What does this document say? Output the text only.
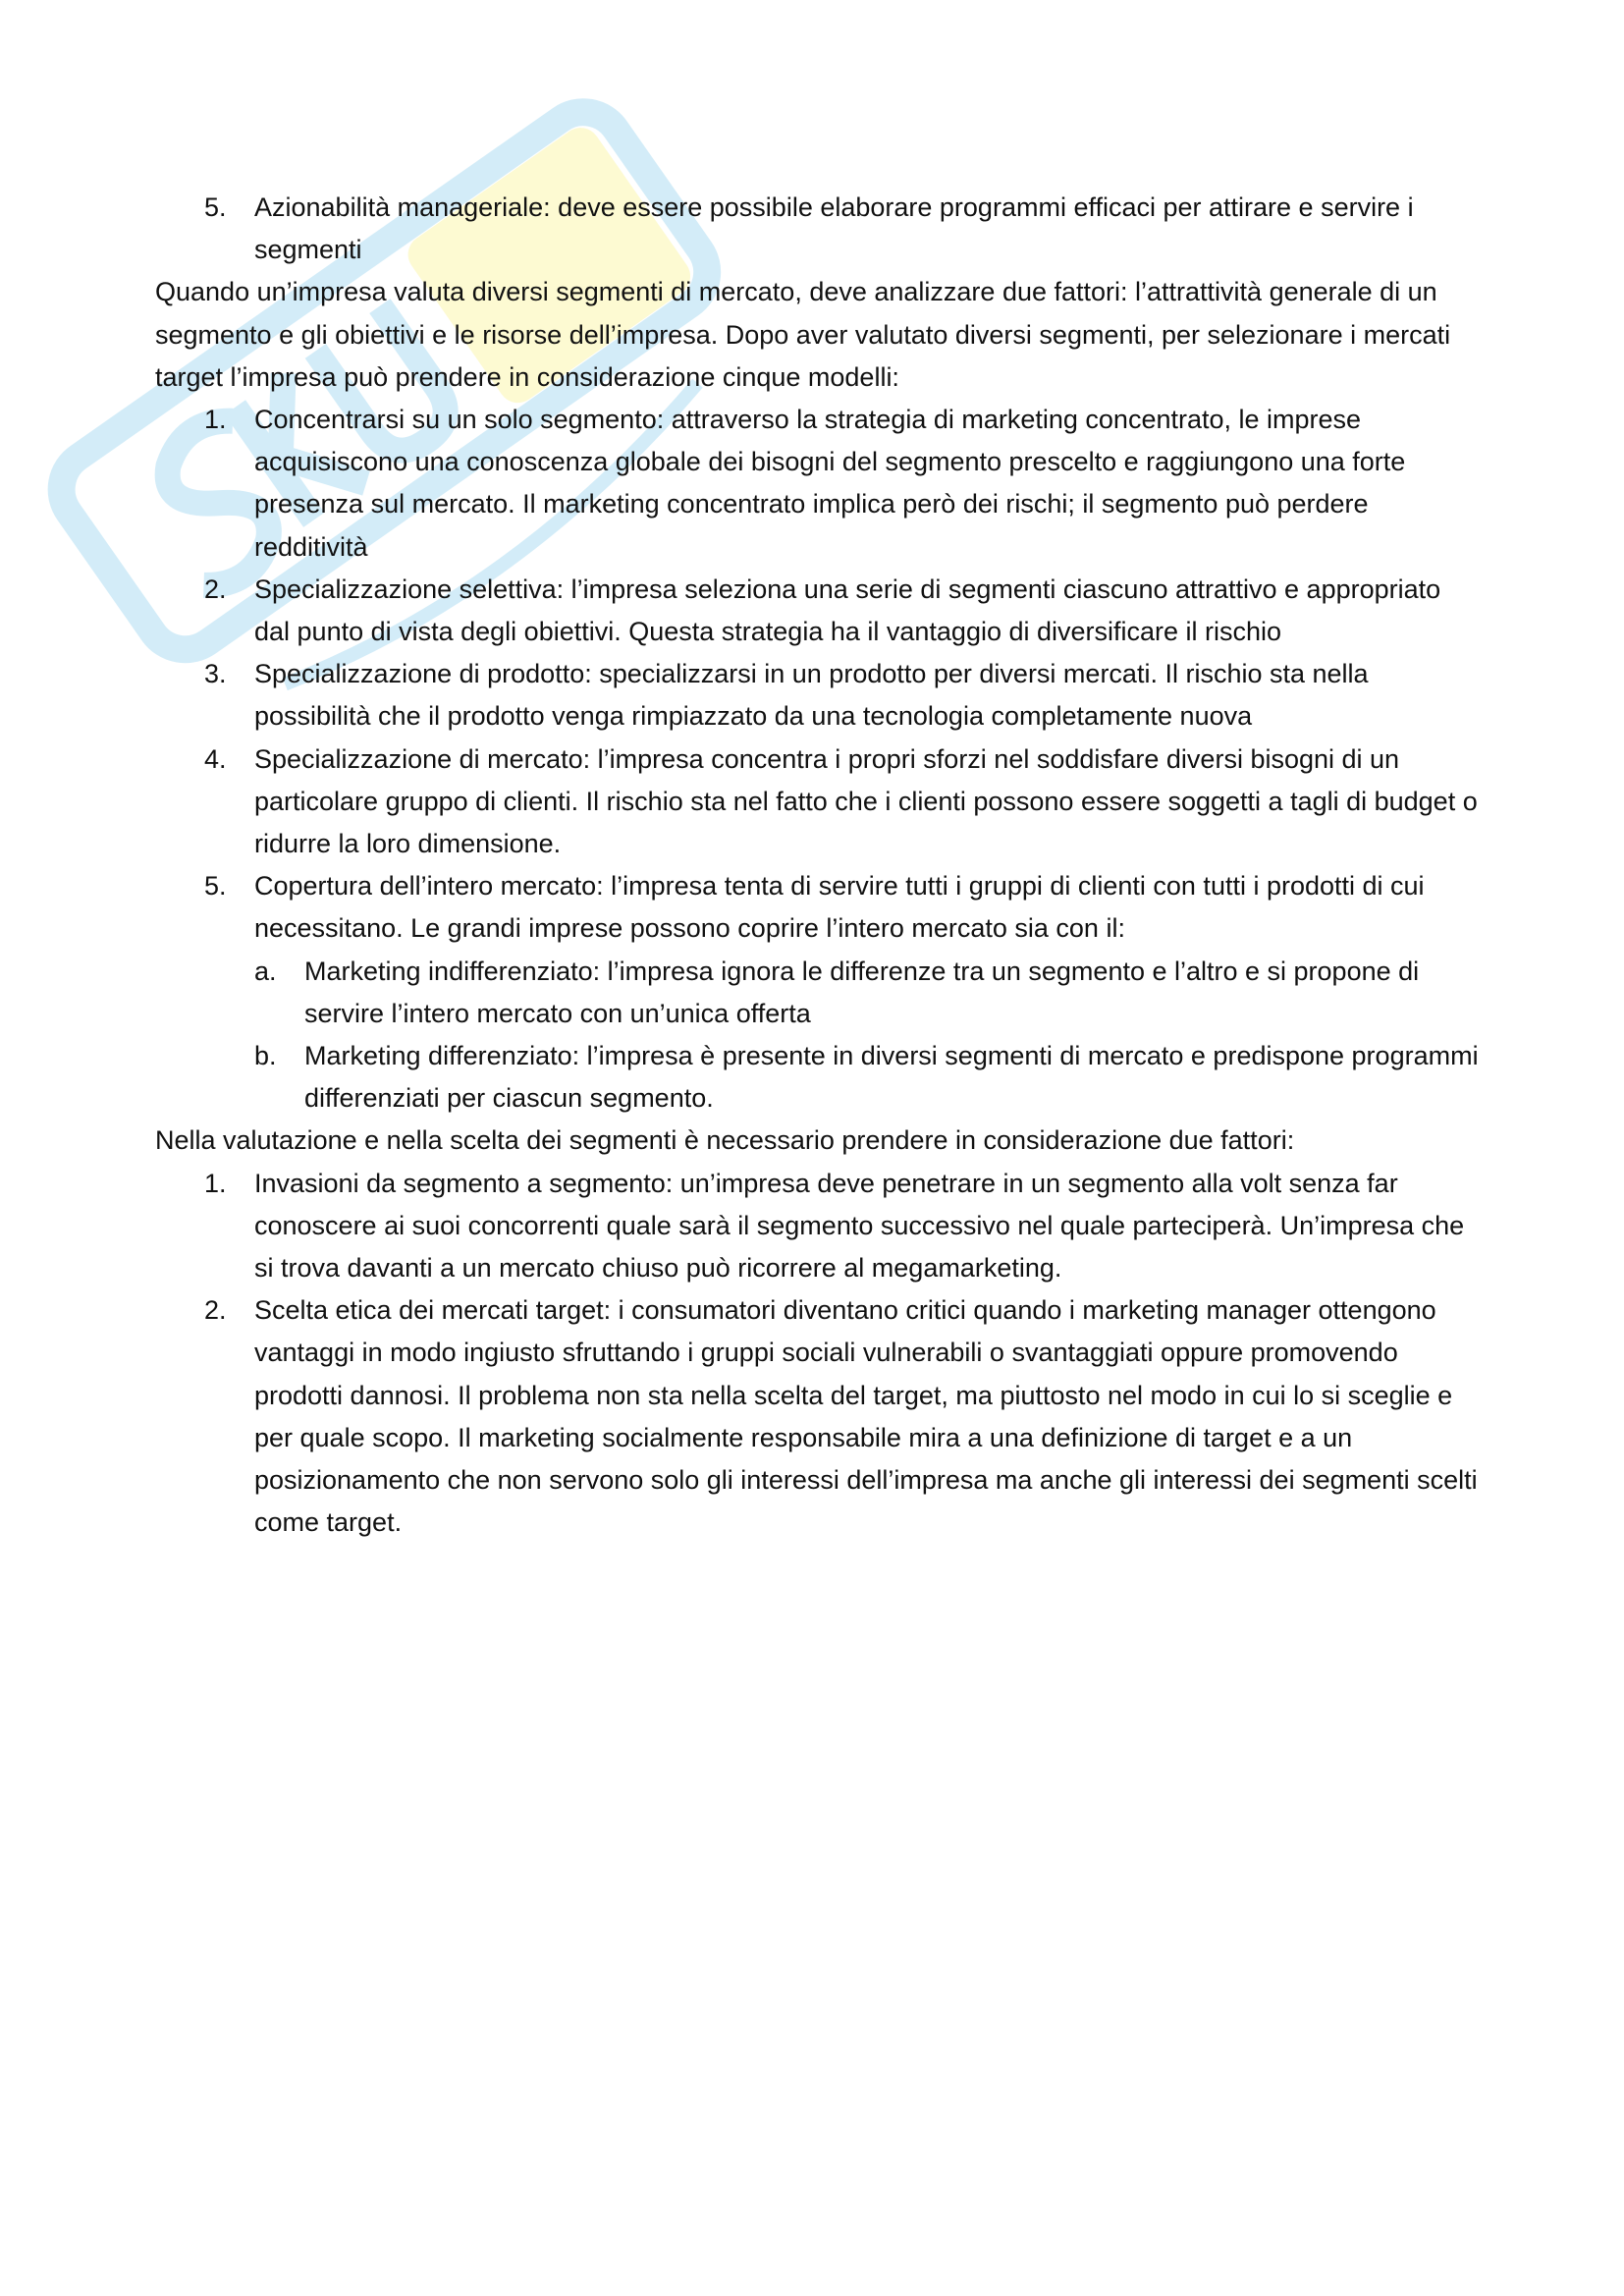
5. Azionabilità manageriale: deve essere possibile elaborare programmi efficaci per attirare e servire i segmenti

Quando un’impresa valuta diversi segmenti di mercato, deve analizzare due fattori: l’attrattività generale di un segmento e gli obiettivi e le risorse dell’impresa. Dopo aver valutato diversi segmenti, per selezionare i mercati target l’impresa può prendere in considerazione cinque modelli:

1. Concentrarsi su un solo segmento: attraverso la strategia di marketing concentrato, le imprese acquisiscono una conoscenza globale dei bisogni del segmento prescelto e raggiungono una forte presenza sul mercato. Il marketing concentrato implica però dei rischi; il segmento può perdere redditività
2. Specializzazione selettiva: l’impresa seleziona una serie di segmenti ciascuno attrattivo e appropriato dal punto di vista degli obiettivi. Questa strategia ha il vantaggio di diversificare il rischio
3. Specializzazione di prodotto: specializzarsi in un prodotto per diversi mercati. Il rischio sta nella possibilità che il prodotto venga rimpiazzato da una tecnologia completamente nuova
4. Specializzazione di mercato: l’impresa concentra i propri sforzi nel soddisfare diversi bisogni di un particolare gruppo di clienti. Il rischio sta nel fatto che i clienti possono essere soggetti a tagli di budget o ridurre la loro dimensione.
5. Copertura dell’intero mercato: l’impresa tenta di servire tutti i gruppi di clienti con tutti i prodotti di cui necessitano. Le grandi imprese possono coprire l’intero mercato sia con il:
a. Marketing indifferenziato: l’impresa ignora le differenze tra un segmento e l’altro e si propone di servire l’intero mercato con un’unica offerta
b. Marketing differenziato: l’impresa è presente in diversi segmenti di mercato e predispone programmi differenziati per ciascun segmento.

Nella valutazione e nella scelta dei segmenti è necessario prendere in considerazione due fattori:

1. Invasioni da segmento a segmento: un’impresa deve penetrare in un segmento alla volt senza far conoscere ai suoi concorrenti quale sarà il segmento successivo nel quale parteciperà. Un’impresa che si trova davanti a un mercato chiuso può ricorrere al megamarketing.
2. Scelta etica dei mercati target: i consumatori diventano critici quando i marketing manager ottengono vantaggi in modo ingiusto sfruttando i gruppi sociali vulnerabili o svantaggiati oppure promovendo prodotti dannosi. Il problema non sta nella scelta del target, ma piuttosto nel modo in cui lo si sceglie e per quale scopo. Il marketing socialmente responsabile mira a una definizione di target e a un posizionamento che non servono solo gli interessi dell’impresa ma anche gli interessi dei segmenti scelti come target.
